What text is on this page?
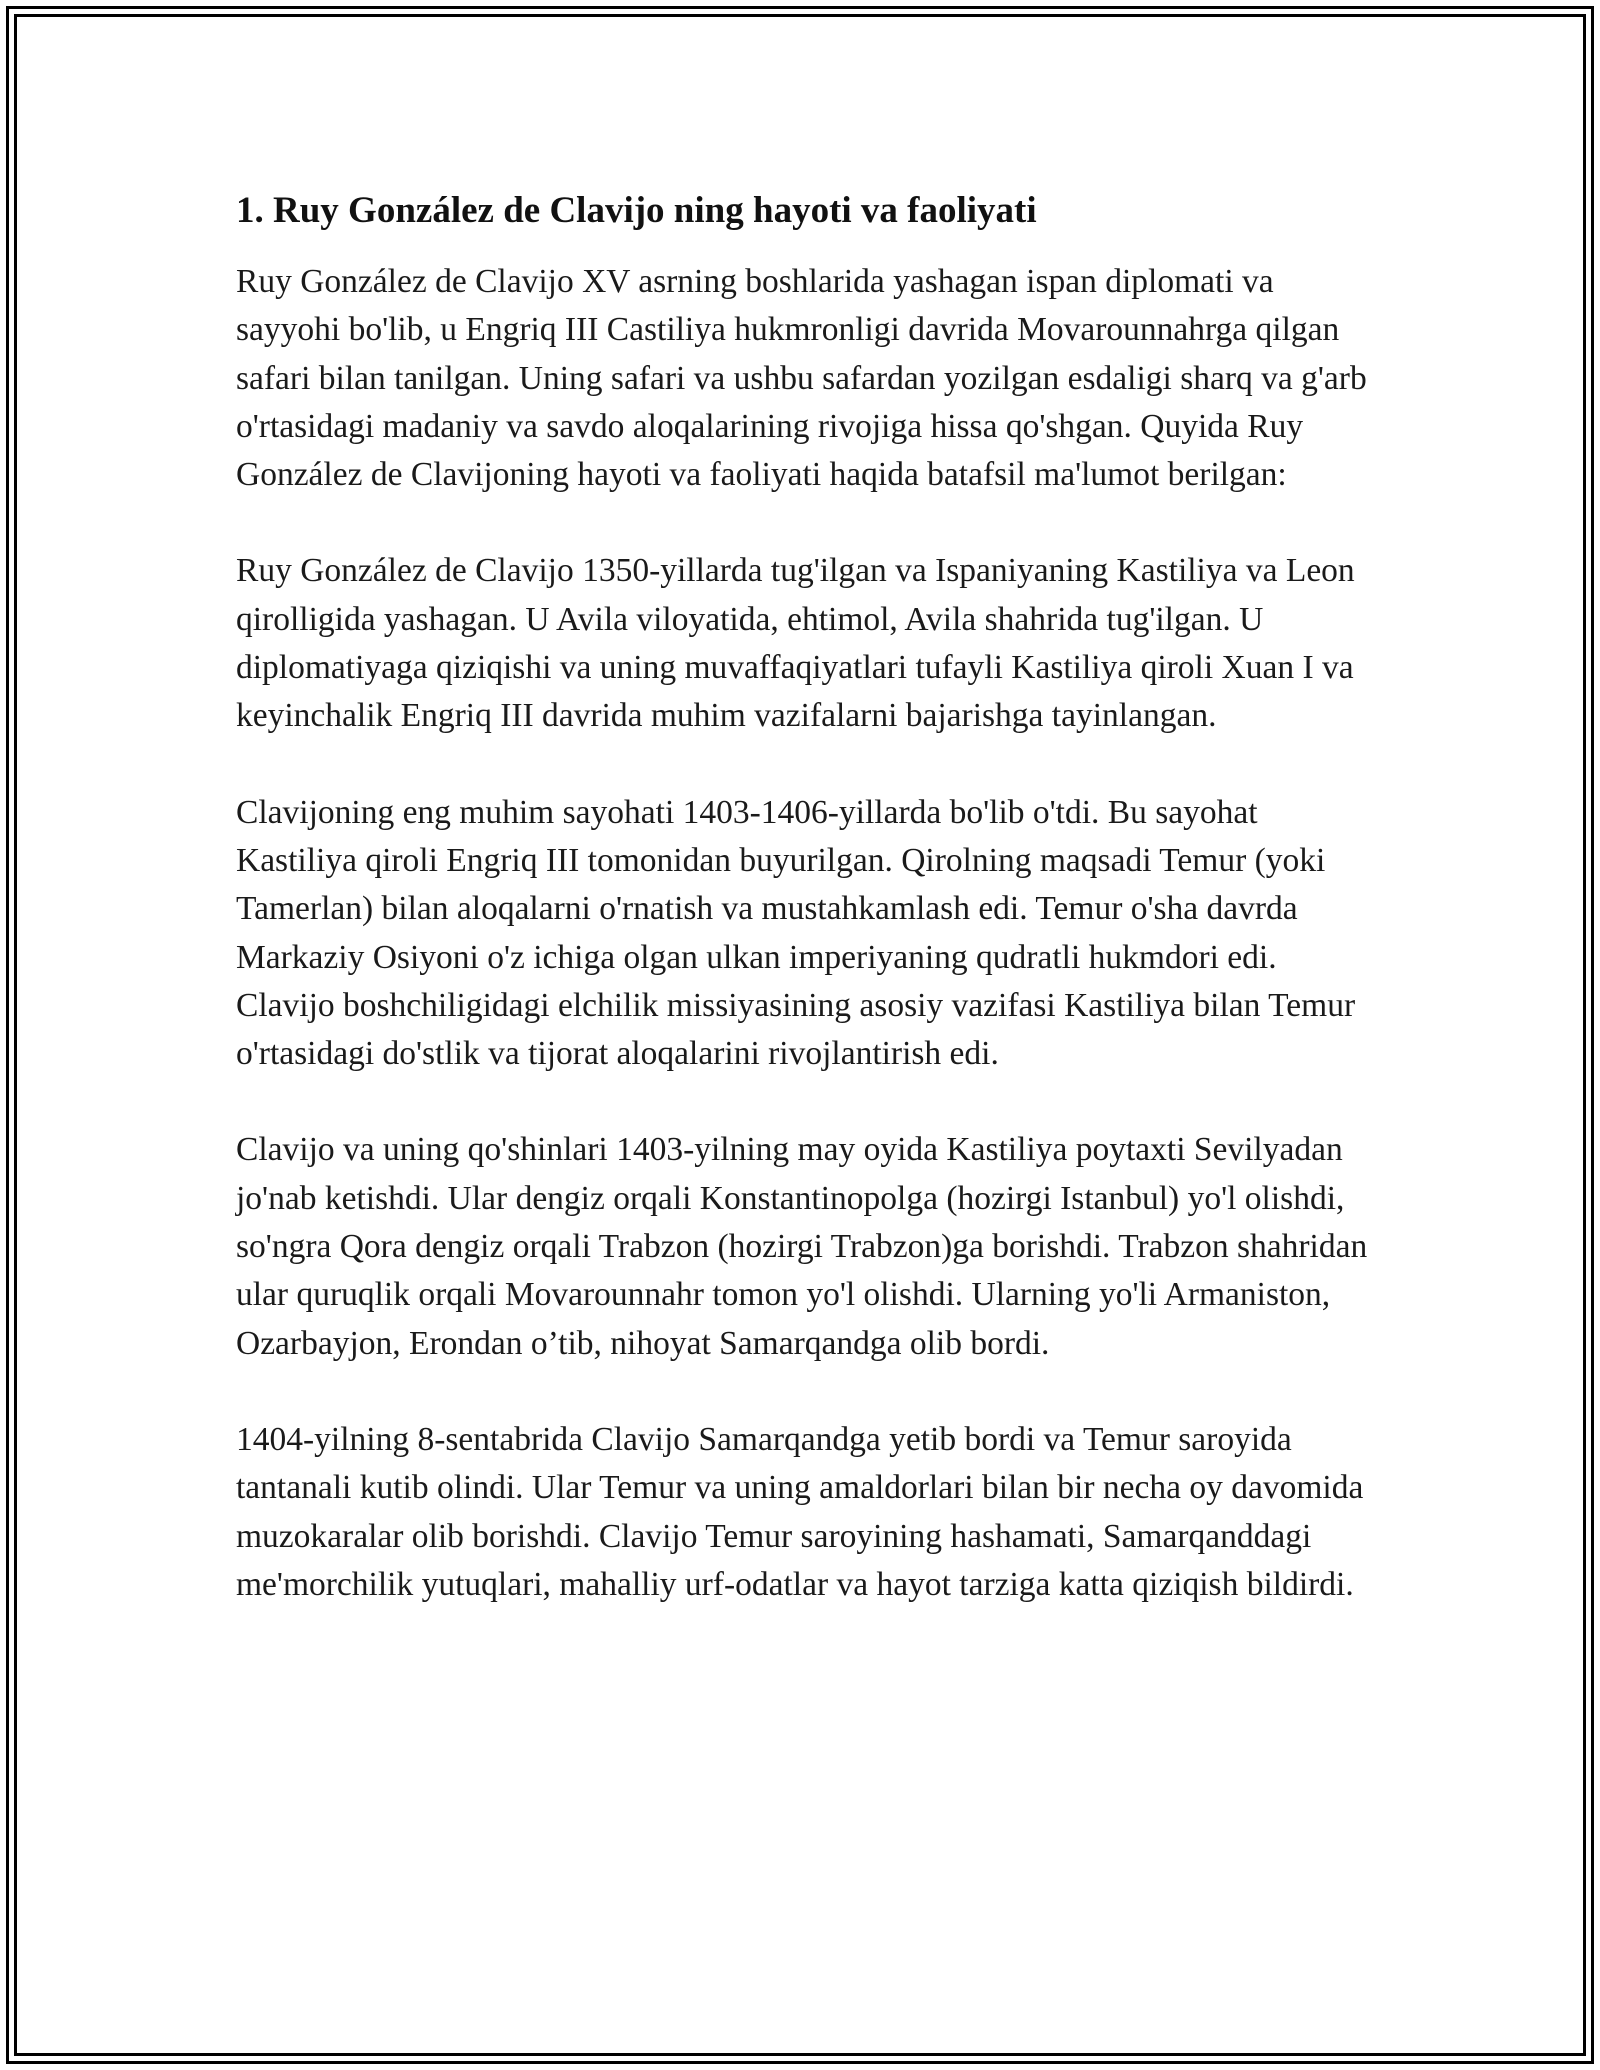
1. Ruy González de Clavijo ning hayoti va faoliyati

Ruy González de Clavijo XV asrning boshlarida yashagan ispan diplomati va sayyohi bo'lib, u Engriq III Castiliya hukmronligi davrida Movarounnahrga qilgan safari bilan tanilgan. Uning safari va ushbu safardan yozilgan esdaligi sharq va g'arb o'rtasidagi madaniy va savdo aloqalarining rivojiga hissa qo'shgan. Quyida Ruy González de Clavijoning hayoti va faoliyati haqida batafsil ma'lumot berilgan:

Ruy González de Clavijo 1350-yillarda tug'ilgan va Ispaniyaning Kastiliya va Leon qirolligida yashagan. U Avila viloyatida, ehtimol, Avila shahrida tug'ilgan. U diplomatiyaga qiziqishi va uning muvaffaqiyatlari tufayli Kastiliya qiroli Xuan I va keyinchalik Engriq III davrida muhim vazifalarni bajarishga tayinlangan.

Clavijoning eng muhim sayohati 1403-1406-yillarda bo'lib o'tdi. Bu sayohat Kastiliya qiroli Engriq III tomonidan buyurilgan. Qirolning maqsadi Temur (yoki Tamerlan) bilan aloqalarni o'rnatish va mustahkamlash edi. Temur o'sha davrda Markaziy Osiyoni o'z ichiga olgan ulkan imperiyaning qudratli hukmdori edi. Clavijo boshchiligidagi elchilik missiyasining asosiy vazifasi Kastiliya bilan Temur o'rtasidagi do'stlik va tijorat aloqalarini rivojlantirish edi.

Clavijo va uning qo'shinlari 1403-yilning may oyida Kastiliya poytaxti Sevilyadan jo'nab ketishdi. Ular dengiz orqali Konstantinopolga (hozirgi Istanbul) yo'l olishdi, so'ngra Qora dengiz orqali Trabzon (hozirgi Trabzon)ga borishdi. Trabzon shahridan ular quruqlik orqali Movarounnahr tomon yo'l olishdi. Ularning yo'li Armaniston, Ozarbayjon, Erondan o’tib, nihoyat Samarqandga olib bordi.

1404-yilning 8-sentabrida Clavijo Samarqandga yetib bordi va Temur saroyida tantanali kutib olindi. Ular Temur va uning amaldorlari bilan bir necha oy davomida muzokaralar olib borishdi. Clavijo Temur saroyining hashamati, Samarqanddagi me'morchilik yutuqlari, mahalliy urf-odatlar va hayot tarziga katta qiziqish bildirdi.
